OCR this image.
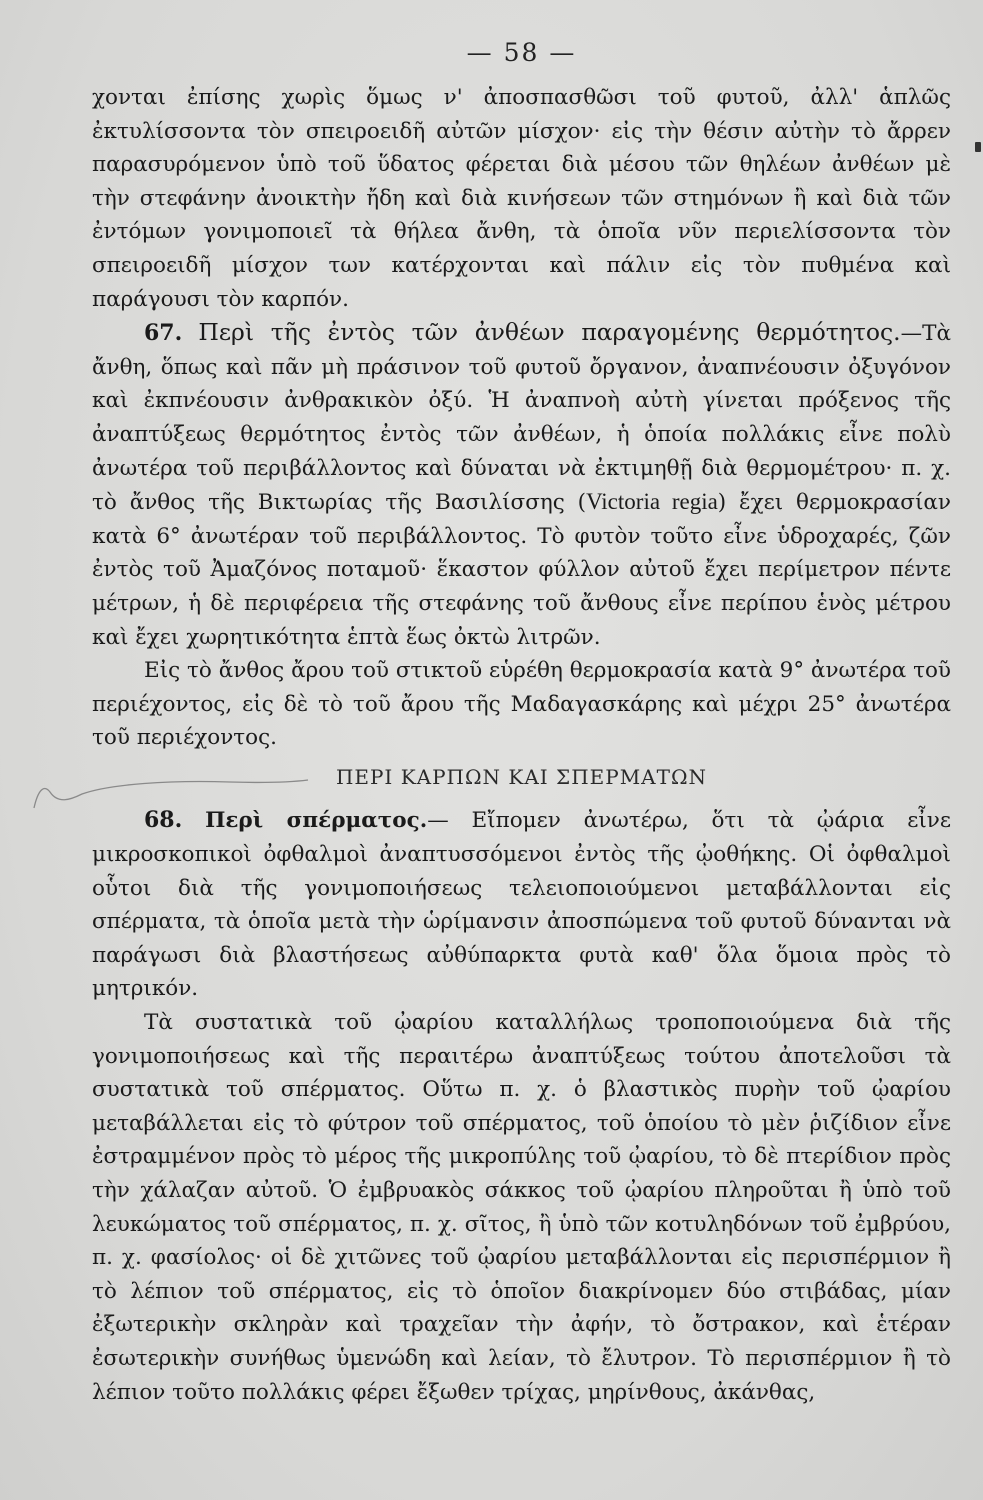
— 58 —

χονται ἐπίσης χωρὶς ὅμως ν' ἀποσπασθῶσι τοῦ φυτοῦ, ἀλλ' ἁπλῶς ἐκτυλίσσοντα τὸν σπειροειδῆ αὐτῶν μίσχον· εἰς τὴν θέσιν αὐτὴν τὸ ἄρρεν παρασυρόμενον ὑπὸ τοῦ ὕδατος φέρεται διὰ μέσου τῶν θηλέων ἀνθέων μὲ τὴν στεφάνην ἀνοικτὴν ἤδη καὶ διὰ κινήσεων τῶν στημόνων ἢ καὶ διὰ τῶν ἐντόμων γονιμοποιεῖ τὰ θήλεα ἄνθη, τὰ ὁποῖα νῦν περιελίσσοντα τὸν σπειροειδῆ μίσχον των κατέρχονται καὶ πάλιν εἰς τὸν πυθμένα καὶ παράγουσι τὸν καρπόν.

67. Περὶ τῆς ἐντὸς τῶν ἀνθέων παραγομένης θερμότητος.—Τὰ ἄνθη, ὅπως καὶ πᾶν μὴ πράσινον τοῦ φυτοῦ ὄργανον, ἀναπνέουσιν ὀξυγόνον καὶ ἐκπνέουσιν ἀνθρακικὸν ὀξύ. Ἡ ἀναπνοὴ αὐτὴ γίνεται πρόξενος τῆς ἀναπτύξεως θερμότητος ἐντὸς τῶν ἀνθέων, ἡ ὁποία πολλάκις εἶνε πολὺ ἀνωτέρα τοῦ περιβάλλοντος καὶ δύναται νὰ ἐκτιμηθῇ διὰ θερμομέτρου· π. χ. τὸ ἄνθος τῆς Βικτωρίας τῆς Βασιλίσσης (Victoria regia) ἔχει θερμοκρασίαν κατὰ 6° ἀνωτέραν τοῦ περιβάλλοντος. Τὸ φυτὸν τοῦτο εἶνε ὑδροχαρές, ζῶν ἐντὸς τοῦ Ἀμαζόνος ποταμοῦ· ἕκαστον φύλλον αὐτοῦ ἔχει περίμετρον πέντε μέτρων, ἡ δὲ περιφέρεια τῆς στεφάνης τοῦ ἄνθους εἶνε περίπου ἑνὸς μέτρου καὶ ἔχει χωρητικότητα ἑπτὰ ἕως ὀκτὼ λιτρῶν.

Εἰς τὸ ἄνθος ἄρου τοῦ στικτοῦ εὑρέθη θερμοκρασία κατὰ 9° ἀνωτέρα τοῦ περιέχοντος, εἰς δὲ τὸ τοῦ ἄρου τῆς Μαδαγασκάρης καὶ μέχρι 25° ἀνωτέρα τοῦ περιέχοντος.

ΠΕΡΙ ΚΑΡΠΩΝ ΚΑΙ ΣΠΕΡΜΑΤΩΝ

68. Περὶ σπέρματος.— Εἴπομεν ἀνωτέρω, ὅτι τὰ ᾠάρια εἶνε μικροσκοπικοὶ ὀφθαλμοὶ ἀναπτυσσόμενοι ἐντὸς τῆς ᾠοθήκης. Οἱ ὀφθαλμοὶ οὗτοι διὰ τῆς γονιμοποιήσεως τελειοποιούμενοι μεταβάλλονται εἰς σπέρματα, τὰ ὁποῖα μετὰ τὴν ὡρίμανσιν ἀποσπώμενα τοῦ φυτοῦ δύνανται νὰ παράγωσι διὰ βλαστήσεως αὐθύπαρκτα φυτὰ καθ' ὅλα ὅμοια πρὸς τὸ μητρικόν.

Τὰ συστατικὰ τοῦ ᾠαρίου καταλλήλως τροποποιούμενα διὰ τῆς γονιμοποιήσεως καὶ τῆς περαιτέρω ἀναπτύξεως τούτου ἀποτελοῦσι τὰ συστατικὰ τοῦ σπέρματος. Οὕτω π. χ. ὁ βλαστικὸς πυρὴν τοῦ ᾠαρίου μεταβάλλεται εἰς τὸ φύτρον τοῦ σπέρματος, τοῦ ὁποίου τὸ μὲν ῥιζίδιον εἶνε ἐστραμμένον πρὸς τὸ μέρος τῆς μικροπύλης τοῦ ᾠαρίου, τὸ δὲ πτερίδιον πρὸς τὴν χάλαζαν αὐτοῦ. Ὁ ἐμβρυακὸς σάκκος τοῦ ᾠαρίου πληροῦται ἢ ὑπὸ τοῦ λευκώματος τοῦ σπέρματος, π. χ. σῖτος, ἢ ὑπὸ τῶν κοτυληδόνων τοῦ ἐμβρύου, π. χ. φασίολος· οἱ δὲ χιτῶνες τοῦ ᾠαρίου μεταβάλλονται εἰς περισπέρμιον ἢ τὸ λέπιον τοῦ σπέρματος, εἰς τὸ ὁποῖον διακρίνομεν δύο στιβάδας, μίαν ἐξωτερικὴν σκληρὰν καὶ τραχεῖαν τὴν ἀφήν, τὸ ὄστρακον, καὶ ἑτέραν ἐσωτερικὴν συνήθως ὑμενώδη καὶ λείαν, τὸ ἔλυτρον. Τὸ περισπέρμιον ἢ τὸ λέπιον τοῦτο πολλάκις φέρει ἔξωθεν τρίχας, μηρίνθους, ἀκάνθας,
